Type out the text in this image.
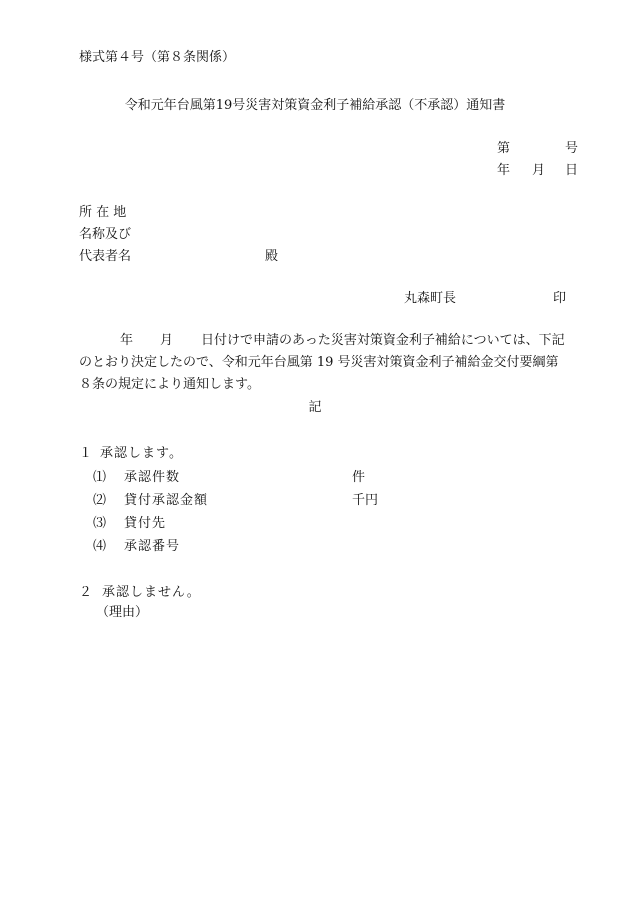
様式第４号（第８条関係）
令和元年台風第19号災害対策資金利子補給承認（不承認）通知書
第	号
年 月 日
所 在 地
名称及び
代表者名	殿
丸森町長	印
年 月 日付けで申請のあった災害対策資金利子補給については、下記
のとおり決定したので、令和元年台風第 19 号災害対策資金利子補給金交付要綱第
８条の規定により通知します。
記
１ 承認します。
⑴ 承認件数	件
⑵ 貸付承認金額	千円
⑶ 貸付先
⑷ 承認番号
２ 承認しません。
（理由）
